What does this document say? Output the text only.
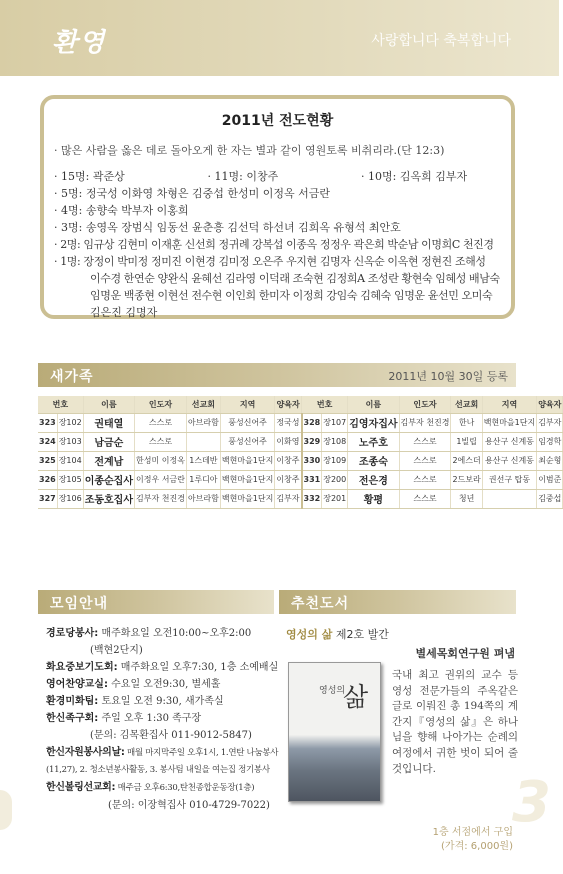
환영	사랑합니다 축복합니다
2011년 전도현황
· 많은 사람을 옳은 데로 돌아오게 한 자는 별과 같이 영원토록 비취리라.(단 12:3)
· 15명: 곽준상	· 11명: 이창주	· 10명: 김옥희 김부자
· 5명: 정국성 이화영 차형은 김중섭 한성미 이정옥 서금란
· 4명: 송향숙 박부자 이홍희
· 3명: 송영옥 장범식 임동선 윤춘흥 김선덕 하선녀 김희옥 유형석 최안호
· 2명: 임규상 김현미 이재훈 신선희 정귀례 강복섭 이종옥 정정우 곽은희 박순남 이명희C 천진경
· 1명: 장정이 박미정 정미진 이현경 김미정 오은주 우지현 김명자 신옥순 이옥현 정현진 조해성
이수경 한연순 양완식 윤혜선 김라영 이덕래 조숙현 김정희A 조성란 황현숙 임혜성 배남숙
임명운 백종현 이현선 전수현 이인희 한미자 이정희 강임숙 김혜숙 임명운 윤선민 오미숙
김은진 김명자
새가족	2011년 10월 30일 등록
번호		이름	인도자	선교회	지역	양육자	번호		이름	인도자	선교회	지역	양육자
323	장102	권태열	스스로	아브라함	풍성신어주	정국성	328	장107	김영자집사	김부자 천진경	한나	백현마을1단지	김부자
324	장103	남금순	스스로		풍성신어주	이화영	329	장108	노주호	스스로	1빌립	용산구 신계동	임경학
325	장104	전계남	한성미 이정옥	1스데반	백현마을1단지	이창주	330	장109	조종숙	스스로	2에스더	용산구 신계동	최순형
326	장105	이종순집사	이정우 서금란	1루디아	백현마을1단지	이창주	331	장200	전은경	스스로	2드보라	권선구 탑동	이범준
327	장106	조동호집사	김부자 천진경	아브라함	백현마을1단지	김부자	332	장201	황평	스스로	청년		김중섭
모임안내
경로당봉사: 매주화요일 오전10:00~오후2:00
(백현2단지)
화요중보기도회: 매주화요일 오후7:30, 1층 소예배실
영어찬양교실: 수요일 오전9:30, 별세홀
환경미화팀: 토요일 오전 9:30, 새가족실
한신족구회: 주일 오후 1:30 족구장
(문의: 김목환집사 011-9012-5847)
한신자원봉사의날: 매월 마지막주일 오후1시, 1.연탄 나눔봉사
(11,27), 2. 청소년봉사활동, 3. 봉사팀 내일을 여는집 정기봉사
한신볼링선교회: 매주금 오후6:30,탄천종합운동장(1층)
(문의: 이장혁집사 010-4729-7022)
추천도서
영성의 삶 제2호 발간
별세목회연구원 펴냄
영성의
삶
국내 최고 권위의 교수 등 영성 전문가들의 주옥같은 글로 이뤄진 총 194쪽의 계간지『영성의 삶』은 하나님을 향해 나아가는 순례의 여정에서 귀한 벗이 되어 줄 것입니다.
1층 서점에서 구입
(가격: 6,000원)
3
